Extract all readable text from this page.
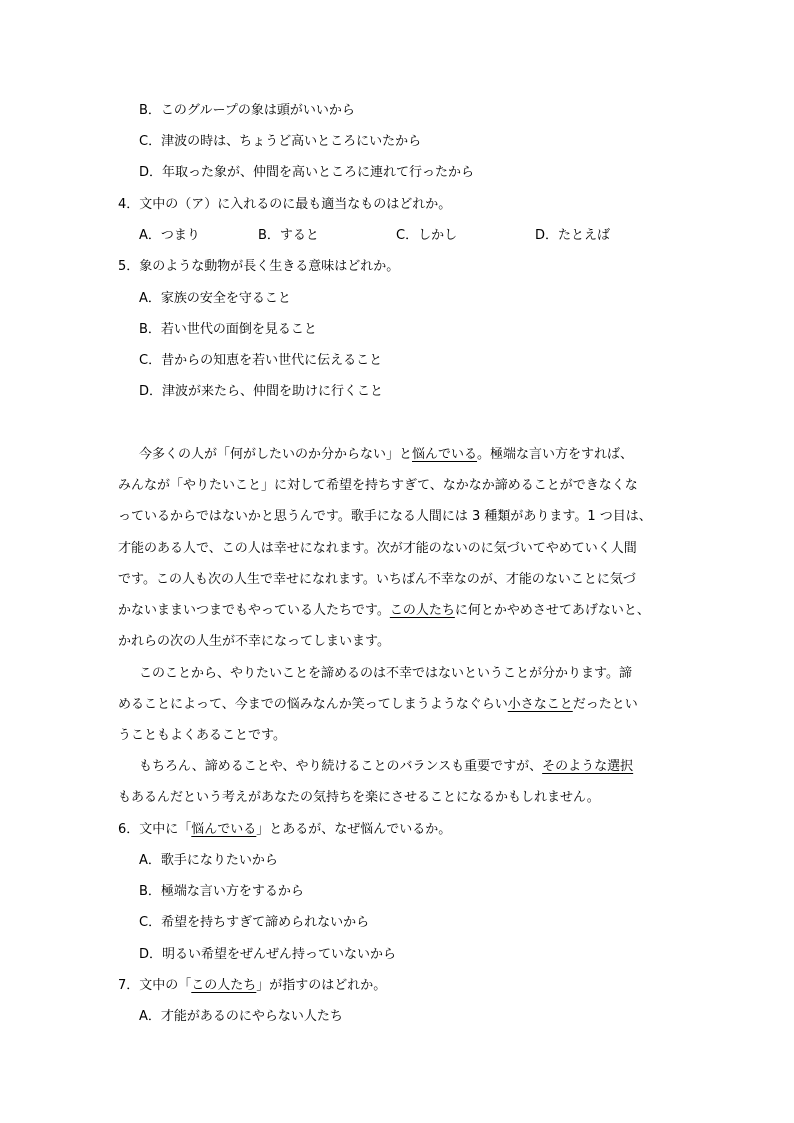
B．このグループの象は頭がいいから
C．津波の時は、ちょうど高いところにいたから
D．年取った象が、仲間を高いところに連れて行ったから
4．文中の（ア）に入れるのに最も適当なものはどれか。
A．つまり	B．すると	C．しかし	D．たとえば
5．象のような動物が長く生きる意味はどれか。
A．家族の安全を守ること
B．若い世代の面倒を見ること
C．昔からの知恵を若い世代に伝えること
D．津波が来たら、仲間を助けに行くこと
今多くの人が「何がしたいのか分からない」と悩んでいる。極端な言い方をすれば、
みんなが「やりたいこと」に対して希望を持ちすぎて、なかなか諦めることができなくな
っているからではないかと思うんです。歌手になる人間には 3 種類があります。1 つ目は、
才能のある人で、この人は幸せになれます。次が才能のないのに気づいてやめていく人間
です。この人も次の人生で幸せになれます。いちばん不幸なのが、才能のないことに気づ
かないままいつまでもやっている人たちです。この人たちに何とかやめさせてあげないと、
かれらの次の人生が不幸になってしまいます。
このことから、やりたいことを諦めるのは不幸ではないということが分かります。諦
めることによって、今までの悩みなんか笑ってしまうようなぐらい小さなことだったとい
うこともよくあることです。
もちろん、諦めることや、やり続けることのバランスも重要ですが、そのような選択
もあるんだという考えがあなたの気持ちを楽にさせることになるかもしれません。
6．文中に「悩んでいる」とあるが、なぜ悩んでいるか。
A．歌手になりたいから
B．極端な言い方をするから
C．希望を持ちすぎて諦められないから
D．明るい希望をぜんぜん持っていないから
7．文中の「この人たち」が指すのはどれか。
A．才能があるのにやらない人たち
